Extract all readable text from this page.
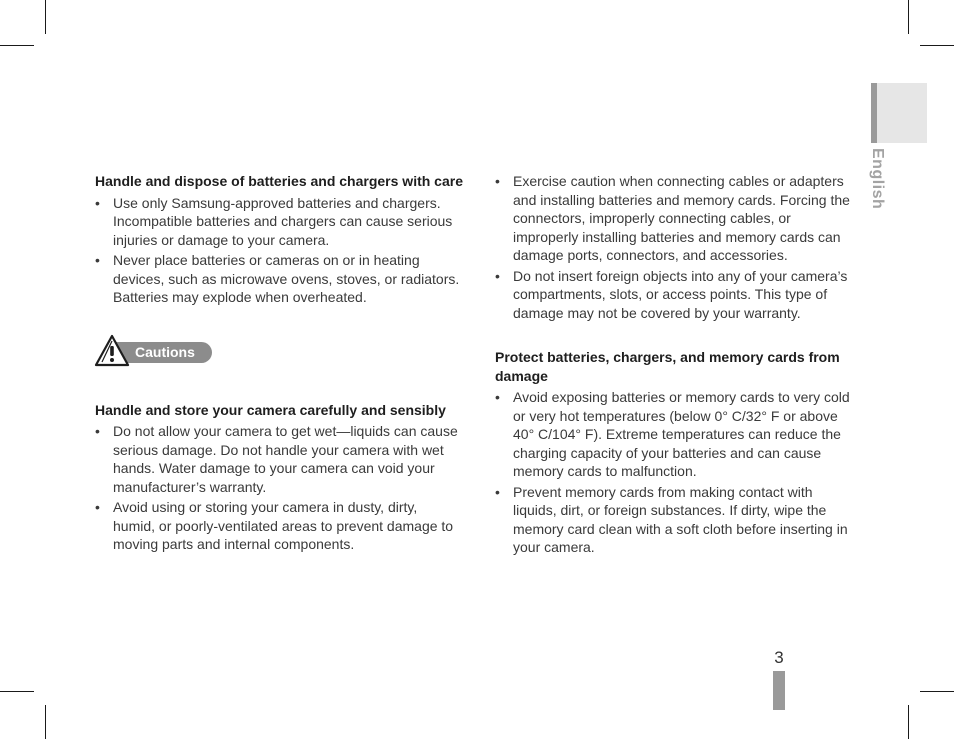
English
Handle and dispose of batteries and chargers with care
• Use only Samsung-approved batteries and chargers. Incompatible batteries and chargers can cause serious injuries or damage to your camera.
• Never place batteries or cameras on or in heating devices, such as microwave ovens, stoves, or radiators. Batteries may explode when overheated.
Cautions
Handle and store your camera carefully and sensibly
• Do not allow your camera to get wet—liquids can cause serious damage. Do not handle your camera with wet hands. Water damage to your camera can void your manufacturer’s warranty.
• Avoid using or storing your camera in dusty, dirty, humid, or poorly-ventilated areas to prevent damage to moving parts and internal components.
• Exercise caution when connecting cables or adapters and installing batteries and memory cards. Forcing the connectors, improperly connecting cables, or improperly installing batteries and memory cards can damage ports, connectors, and accessories.
• Do not insert foreign objects into any of your camera’s compartments, slots, or access points. This type of damage may not be covered by your warranty.
Protect batteries, chargers, and memory cards from damage
• Avoid exposing batteries or memory cards to very cold or very hot temperatures (below 0° C/32° F or above 40° C/104° F). Extreme temperatures can reduce the charging capacity of your batteries and can cause memory cards to malfunction.
• Prevent memory cards from making contact with liquids, dirt, or foreign substances. If dirty, wipe the memory card clean with a soft cloth before inserting in your camera.
3
